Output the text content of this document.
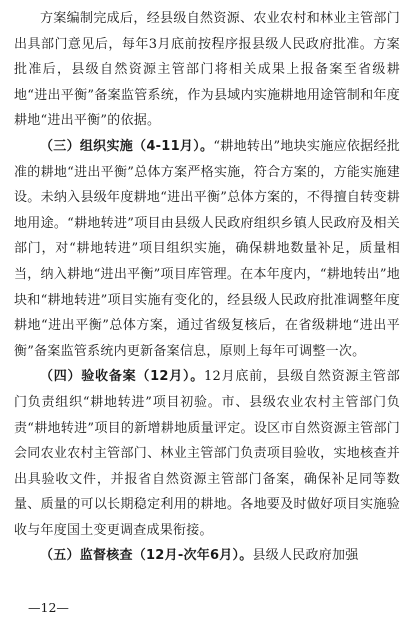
方案编制完成后，经县级自然资源、农业农村和林业主管部门出具部门意见后，每年3月底前按程序报县级人民政府批准。方案批准后，县级自然资源主管部门将相关成果上报备案至省级耕地“进出平衡”备案监管系统，作为县域内实施耕地用途管制和年度耕地“进出平衡”的依据。

（三）组织实施（4-11月）。“耕地转出”地块实施应依据经批准的耕地“进出平衡”总体方案严格实施，符合方案的，方能实施建设。未纳入县级年度耕地“进出平衡”总体方案的，不得擅自转变耕地用途。“耕地转进”项目由县级人民政府组织乡镇人民政府及相关部门，对“耕地转进”项目组织实施，确保耕地数量补足，质量相当，纳入耕地“进出平衡”项目库管理。在本年度内，“耕地转出”地块和“耕地转进”项目实施有变化的，经县级人民政府批准调整年度耕地“进出平衡”总体方案，通过省级复核后，在省级耕地“进出平衡”备案监管系统内更新备案信息，原则上每年可调整一次。

（四）验收备案（12月）。12月底前，县级自然资源主管部门负责组织“耕地转进”项目初验。市、县级农业农村主管部门负责“耕地转进”项目的新增耕地质量评定。设区市自然资源主管部门会同农业农村主管部门、林业主管部门负责项目验收，实地核查并出具验收文件，并报省自然资源主管部门备案，确保补足同等数量、质量的可以长期稳定利用的耕地。各地要及时做好项目实施验收与年度国土变更调查成果衔接。

（五）监督核查（12月-次年6月）。县级人民政府加强

—12—
